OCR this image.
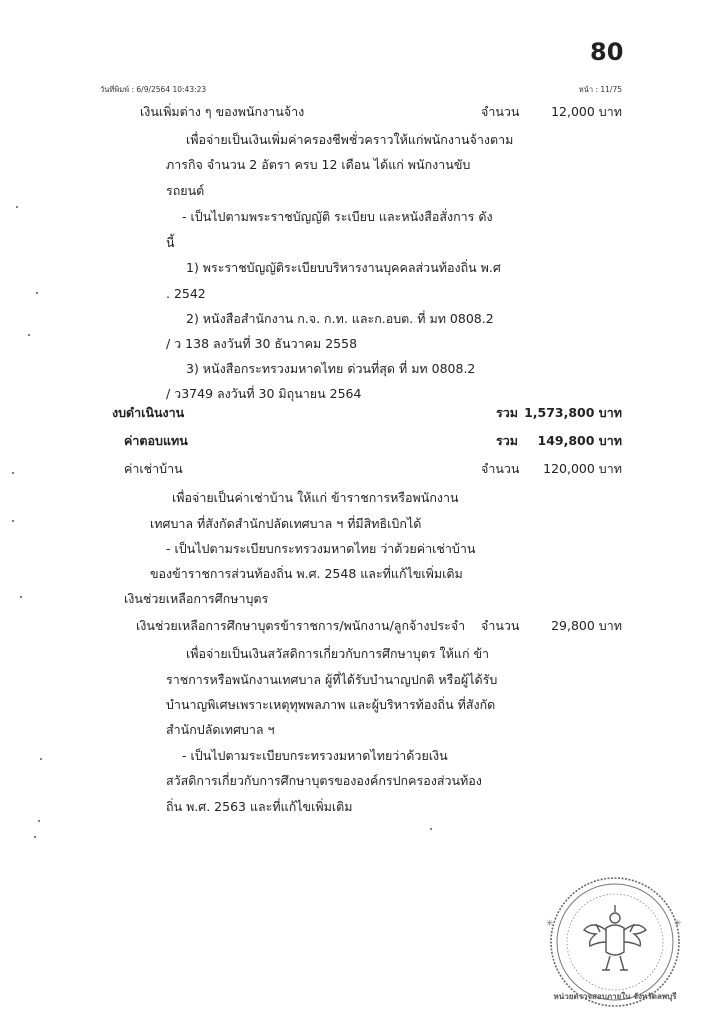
80
วันที่พิมพ์ : 6/9/2564 10:43:23	หน้า : 11/75
เงินเพิ่มต่าง ๆ ของพนักงานจ้าง	จำนวน	12,000 บาท
เพื่อจ่ายเป็นเงินเพิ่มค่าครองชีพชั่วคราวให้แก่พนักงานจ้างตาม
ภารกิจ จำนวน 2 อัตรา ครบ 12 เดือน ได้แก่ พนักงานขับ
รถยนต์
- เป็นไปตามพระราชบัญญัติ ระเบียบ และหนังสือสั่งการ ดัง
นี้
1) พระราชบัญญัติระเบียบบริหารงานบุคคลส่วนท้องถิ่น พ.ศ
. 2542
2) หนังสือสำนักงาน ก.จ. ก.ท. และก.อบต. ที่ มท 0808.2
/ ว 138 ลงวันที่ 30 ธันวาคม 2558
3) หนังสือกระทรวงมหาดไทย ด่วนที่สุด ที่ มท 0808.2
/ ว3749 ลงวันที่ 30 มิถุนายน 2564
งบดำเนินงาน	รวม 1,573,800 บาท
ค่าตอบแทน	รวม	149,800 บาท
ค่าเช่าบ้าน	จำนวน	120,000 บาท
เพื่อจ่ายเป็นค่าเช่าบ้าน ให้แก่ ข้าราชการหรือพนักงาน
เทศบาล ที่สังกัดสำนักปลัดเทศบาล ฯ ที่มีสิทธิเบิกได้
- เป็นไปตามระเบียบกระทรวงมหาดไทย ว่าด้วยค่าเช่าบ้าน
ของข้าราชการส่วนท้องถิ่น พ.ศ. 2548 และที่แก้ไขเพิ่มเติม
เงินช่วยเหลือการศึกษาบุตร
เงินช่วยเหลือการศึกษาบุตรข้าราชการ/พนักงาน/ลูกจ้างประจำ จำนวน	29,800 บาท
เพื่อจ่ายเป็นเงินสวัสดิการเกี่ยวกับการศึกษาบุตร ให้แก่ ข้า
ราชการหรือพนักงานเทศบาล ผู้ที่ได้รับบำนาญปกติ หรือผู้ได้รับ
บำนาญพิเศษเพราะเหตุทุพพลภาพ และผู้บริหารท้องถิ่น ที่สังกัด
สำนักปลัดเทศบาล ฯ
- เป็นไปตามระเบียบกระทรวงมหาดไทยว่าด้วยเงิน
สวัสดิการเกี่ยวกับการศึกษาบุตรขององค์กรปกครองส่วนท้อง
ถิ่น พ.ศ. 2563 และที่แก้ไขเพิ่มเติม
✳	✳
หน่วยตรวจสอบภายใน จังหวัดลพบุรี
